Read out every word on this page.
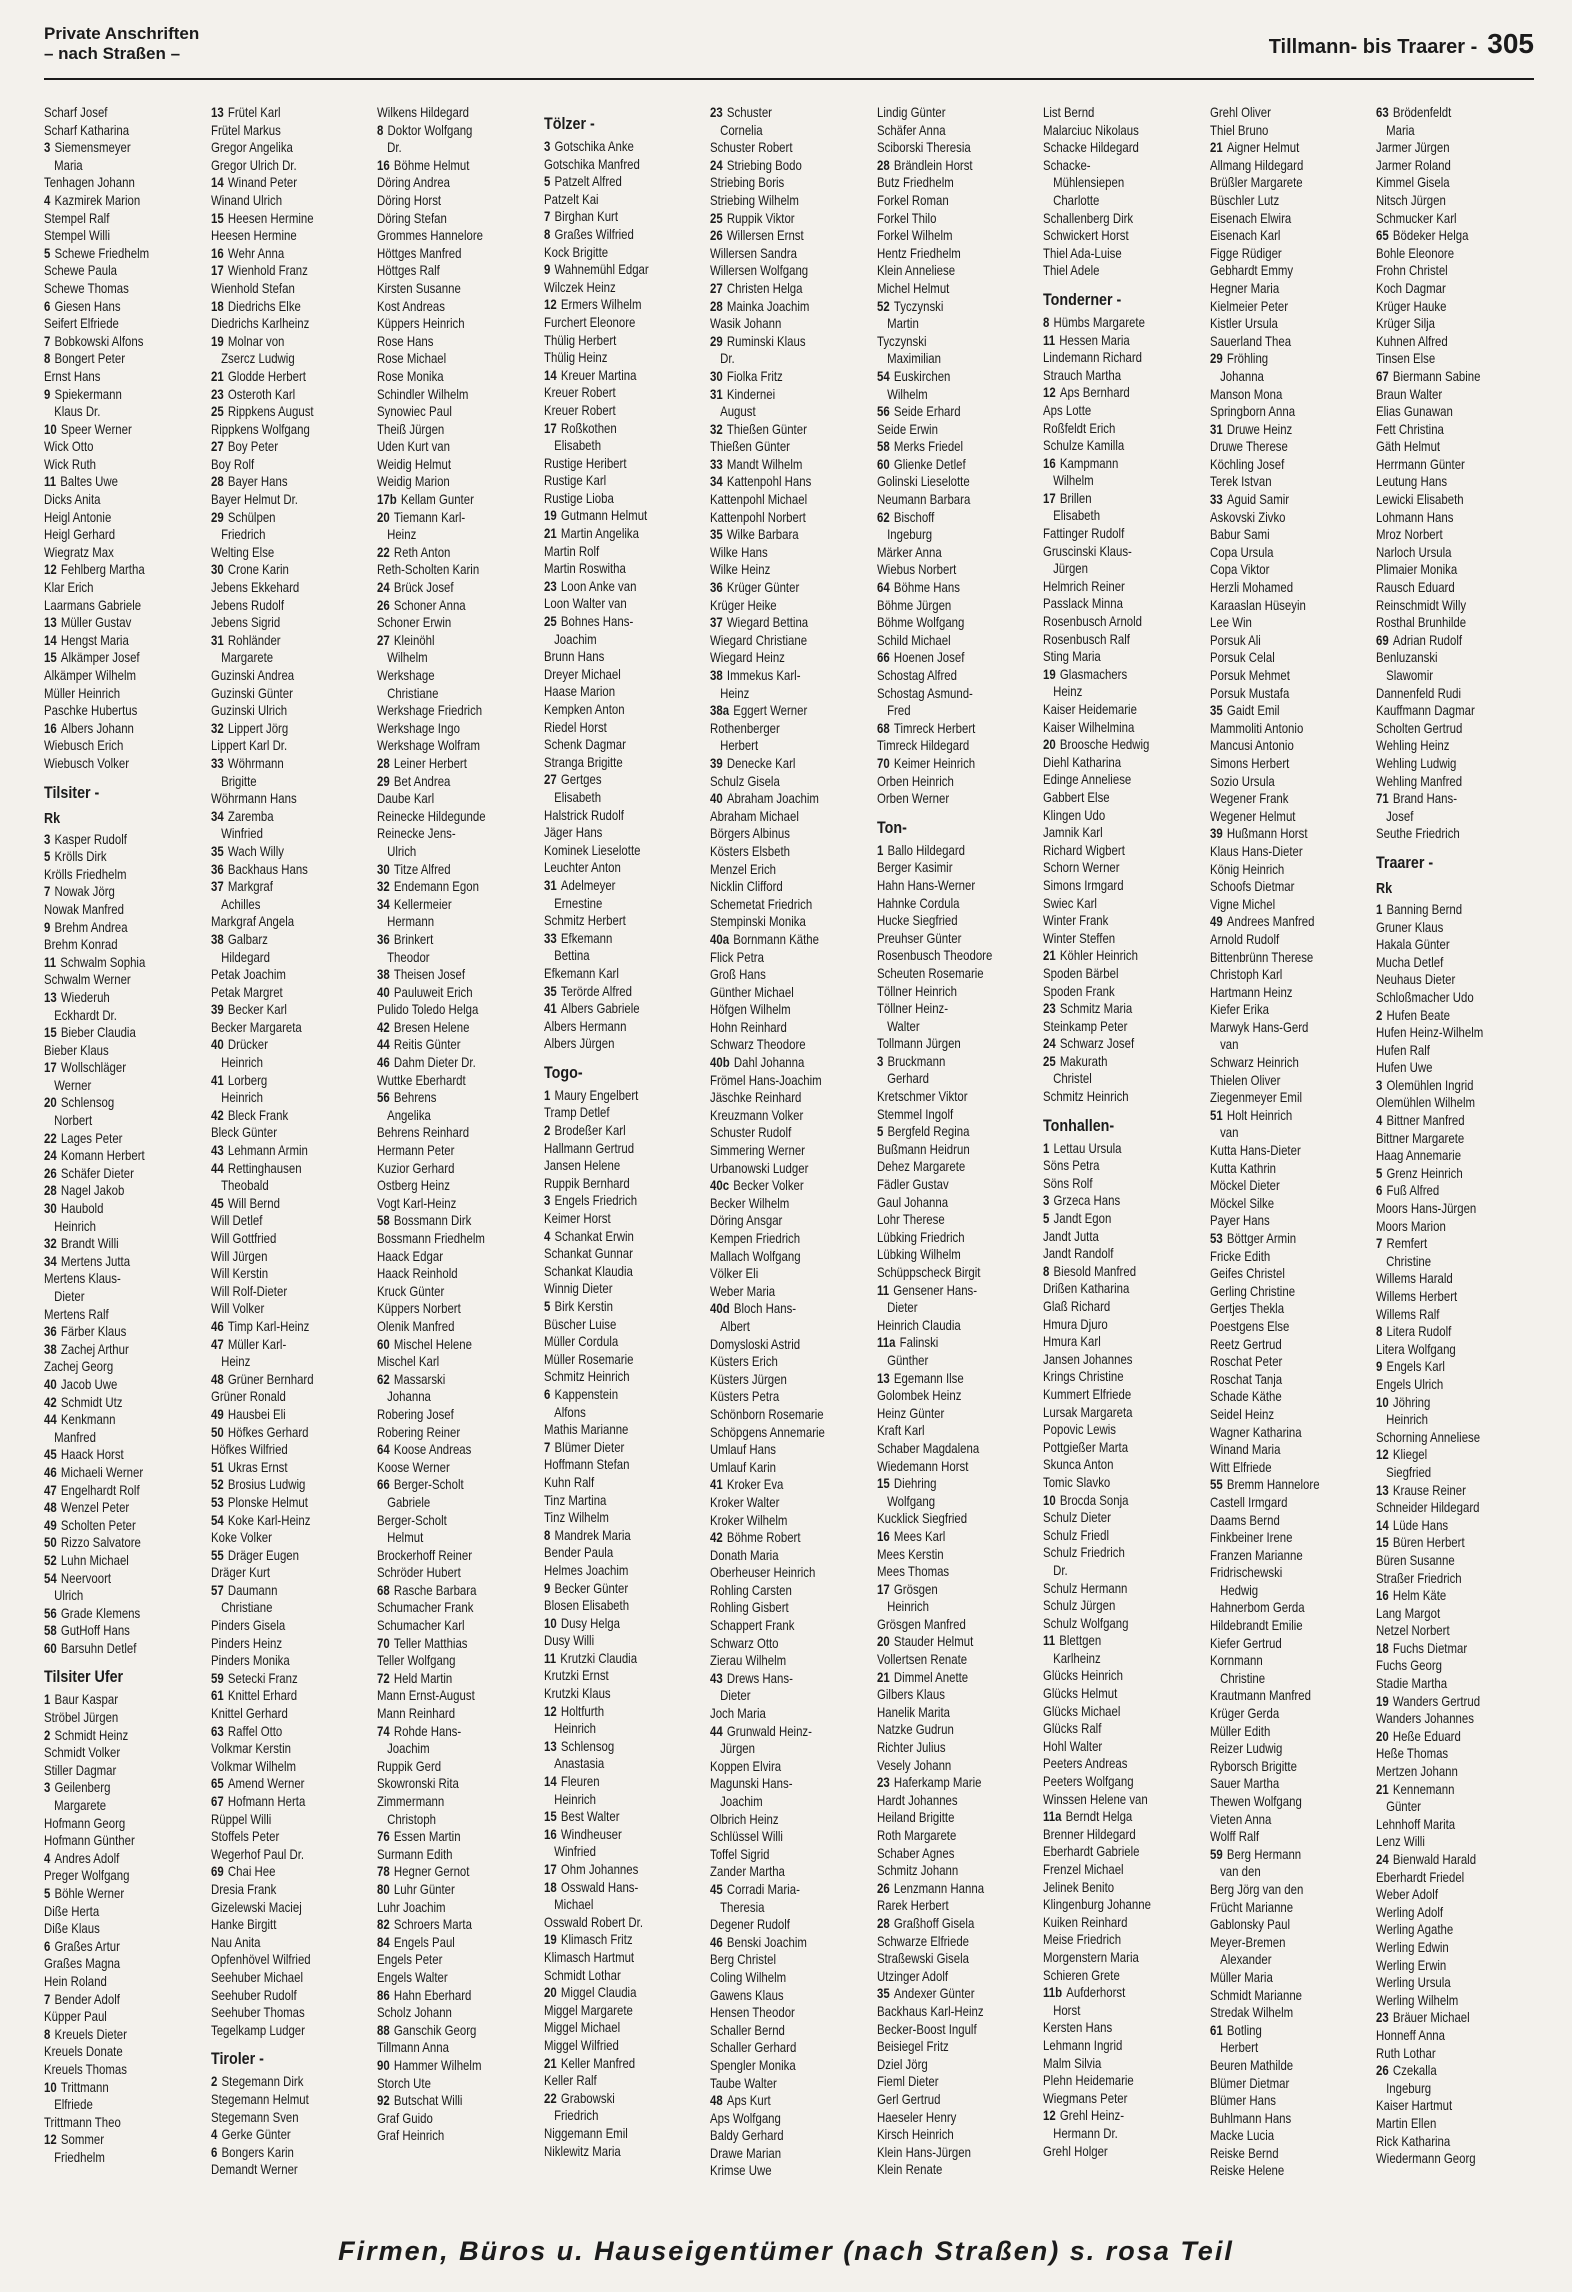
Private Anschriften
– nach Straßen –	Tillmann- bis Traarer - 305
Scharf Josef
Scharf Katharina
3 Siemensmeyer
Maria
Tenhagen Johann
4 Kazmirek Marion
Stempel Ralf
Stempel Willi
5 Schewe Friedhelm
Schewe Paula
Schewe Thomas
6 Giesen Hans
Seifert Elfriede
7 Bobkowski Alfons
8 Bongert Peter
Ernst Hans
9 Spiekermann
Klaus Dr.
10 Speer Werner
Wick Otto
Wick Ruth
11 Baltes Uwe
Dicks Anita
Heigl Antonie
Heigl Gerhard
Wiegratz Max
12 Fehlberg Martha
Klar Erich
Laarmans Gabriele
13 Müller Gustav
14 Hengst Maria
15 Alkämper Josef
Alkämper Wilhelm
Müller Heinrich
Paschke Hubertus
16 Albers Johann
Wiebusch Erich
Wiebusch Volker
Tilsiter -
Rk
3 Kasper Rudolf
5 Krölls Dirk
Krölls Friedhelm
7 Nowak Jörg
Nowak Manfred
9 Brehm Andrea
Brehm Konrad
11 Schwalm Sophia
Schwalm Werner
13 Wiederuh
Eckhardt Dr.
15 Bieber Claudia
Bieber Klaus
17 Wollschläger
Werner
20 Schlensog
Norbert
22 Lages Peter
24 Komann Herbert
26 Schäfer Dieter
28 Nagel Jakob
30 Haubold
Heinrich
32 Brandt Willi
34 Mertens Jutta
Mertens Klaus-
Dieter
Mertens Ralf
36 Färber Klaus
38 Zachej Arthur
Zachej Georg
40 Jacob Uwe
42 Schmidt Utz
44 Kenkmann
Manfred
45 Haack Horst
46 Michaeli Werner
47 Engelhardt Rolf
48 Wenzel Peter
49 Scholten Peter
50 Rizzo Salvatore
52 Luhn Michael
54 Neervoort
Ulrich
56 Grade Klemens
58 GutHoff Hans
60 Barsuhn Detlef
Tilsiter Ufer
1 Baur Kaspar
Ströbel Jürgen
2 Schmidt Heinz
Schmidt Volker
Stiller Dagmar
3 Geilenberg
Margarete
Hofmann Georg
Hofmann Günther
4 Andres Adolf
Preger Wolfgang
5 Böhle Werner
Diße Herta
Diße Klaus
6 Graßes Artur
Graßes Magna
Hein Roland
7 Bender Adolf
Küpper Paul
8 Kreuels Dieter
Kreuels Donate
Kreuels Thomas
10 Trittmann
Elfriede
Trittmann Theo
12 Sommer
Friedhelm
13 Frütel Karl
Frütel Markus
Gregor Angelika
Gregor Ulrich Dr.
14 Winand Peter
Winand Ulrich
15 Heesen Hermine
Heesen Hermine
16 Wehr Anna
17 Wienhold Franz
Wienhold Stefan
18 Diedrichs Elke
Diedrichs Karlheinz
19 Molnar von
Zsercz Ludwig
21 Glodde Herbert
23 Osteroth Karl
25 Rippkens August
Rippkens Wolfgang
27 Boy Peter
Boy Rolf
28 Bayer Hans
Bayer Helmut Dr.
29 Schülpen
Friedrich
Welting Else
30 Crone Karin
Jebens Ekkehard
Jebens Rudolf
Jebens Sigrid
31 Rohländer
Margarete
Guzinski Andrea
Guzinski Günter
Guzinski Ulrich
32 Lippert Jörg
Lippert Karl Dr.
33 Wöhrmann
Brigitte
Wöhrmann Hans
34 Zaremba
Winfried
35 Wach Willy
36 Backhaus Hans
37 Markgraf
Achilles
Markgraf Angela
38 Galbarz
Hildegard
Petak Joachim
Petak Margret
39 Becker Karl
Becker Margareta
40 Drücker
Heinrich
41 Lorberg
Heinrich
42 Bleck Frank
Bleck Günter
43 Lehmann Armin
44 Rettinghausen
Theobald
45 Will Bernd
Will Detlef
Will Gottfried
Will Jürgen
Will Kerstin
Will Rolf-Dieter
Will Volker
46 Timp Karl-Heinz
47 Müller Karl-
Heinz
48 Grüner Bernhard
Grüner Ronald
49 Hausbei Eli
50 Höfkes Gerhard
Höfkes Wilfried
51 Ukras Ernst
52 Brosius Ludwig
53 Plonske Helmut
54 Koke Karl-Heinz
Koke Volker
55 Dräger Eugen
Dräger Kurt
57 Daumann
Christiane
Pinders Gisela
Pinders Heinz
Pinders Monika
59 Setecki Franz
61 Knittel Erhard
Knittel Gerhard
63 Raffel Otto
Volkmar Kerstin
Volkmar Wilhelm
65 Amend Werner
67 Hofmann Herta
Rüppel Willi
Stoffels Peter
Wegerhof Paul Dr.
69 Chai Hee
Dresia Frank
Gizelewski Maciej
Hanke Birgitt
Nau Anita
Opfenhövel Wilfried
Seehuber Michael
Seehuber Rudolf
Seehuber Thomas
Tegelkamp Ludger
Tiroler -
2 Stegemann Dirk
Stegemann Helmut
Stegemann Sven
4 Gerke Günter
6 Bongers Karin
Demandt Werner
Wilkens Hildegard
8 Doktor Wolfgang
Dr.
16 Böhme Helmut
Döring Andrea
Döring Horst
Döring Stefan
Grommes Hannelore
Höttges Manfred
Höttges Ralf
Kirsten Susanne
Kost Andreas
Küppers Heinrich
Rose Hans
Rose Michael
Rose Monika
Schindler Wilhelm
Synowiec Paul
Theiß Jürgen
Uden Kurt van
Weidig Helmut
Weidig Marion
17b Kellam Gunter
20 Tiemann Karl-
Heinz
22 Reth Anton
Reth-Scholten Karin
24 Brück Josef
26 Schoner Anna
Schoner Erwin
27 Kleinöhl
Wilhelm
Werkshage
Christiane
Werkshage Friedrich
Werkshage Ingo
Werkshage Wolfram
28 Leiner Herbert
29 Bet Andrea
Daube Karl
Reinecke Hildegunde
Reinecke Jens-
Ulrich
30 Titze Alfred
32 Endemann Egon
34 Kellermeier
Hermann
36 Brinkert
Theodor
38 Theisen Josef
40 Pauluweit Erich
Pulido Toledo Helga
42 Bresen Helene
44 Reitis Günter
46 Dahm Dieter Dr.
Wuttke Eberhardt
56 Behrens
Angelika
Behrens Reinhard
Hermann Peter
Kuzior Gerhard
Ostberg Heinz
Vogt Karl-Heinz
58 Bossmann Dirk
Bossmann Friedhelm
Haack Edgar
Haack Reinhold
Kruck Günter
Küppers Norbert
Olenik Manfred
60 Mischel Helene
Mischel Karl
62 Massarski
Johanna
Robering Josef
Robering Reiner
64 Koose Andreas
Koose Werner
66 Berger-Scholt
Gabriele
Berger-Scholt
Helmut
Brockerhoff Reiner
Schröder Hubert
68 Rasche Barbara
Schumacher Frank
Schumacher Karl
70 Teller Matthias
Teller Wolfgang
72 Held Martin
Mann Ernst-August
Mann Reinhard
74 Rohde Hans-
Joachim
Ruppik Gerd
Skowronski Rita
Zimmermann
Christoph
76 Essen Martin
Surmann Edith
78 Hegner Gernot
80 Luhr Günter
Luhr Joachim
82 Schroers Marta
84 Engels Paul
Engels Peter
Engels Walter
86 Hahn Eberhard
Scholz Johann
88 Ganschik Georg
Tillmann Anna
90 Hammer Wilhelm
Storch Ute
92 Butschat Willi
Graf Guido
Graf Heinrich
Tölzer -
3 Gotschika Anke
Gotschika Manfred
5 Patzelt Alfred
Patzelt Kai
7 Birghan Kurt
8 Graßes Wilfried
Kock Brigitte
9 Wahnemühl Edgar
Wilczek Heinz
12 Ermers Wilhelm
Furchert Eleonore
Thülig Herbert
Thülig Heinz
14 Kreuer Martina
Kreuer Robert
Kreuer Robert
17 Roßkothen
Elisabeth
Rustige Heribert
Rustige Karl
Rustige Lioba
19 Gutmann Helmut
21 Martin Angelika
Martin Rolf
Martin Roswitha
23 Loon Anke van
Loon Walter van
25 Bohnes Hans-
Joachim
Brunn Hans
Dreyer Michael
Haase Marion
Kempken Anton
Riedel Horst
Schenk Dagmar
Stranga Brigitte
27 Gertges
Elisabeth
Halstrick Rudolf
Jäger Hans
Kominek Lieselotte
Leuchter Anton
31 Adelmeyer
Ernestine
Schmitz Herbert
33 Efkemann
Bettina
Efkemann Karl
35 Terörde Alfred
41 Albers Gabriele
Albers Hermann
Albers Jürgen
Togo-
1 Maury Engelbert
Tramp Detlef
2 Brodeßer Karl
Hallmann Gertrud
Jansen Helene
Ruppik Bernhard
3 Engels Friedrich
Keimer Horst
4 Schankat Erwin
Schankat Gunnar
Schankat Klaudia
Winnig Dieter
5 Birk Kerstin
Büscher Luise
Müller Cordula
Müller Rosemarie
Schmitz Heinrich
6 Kappenstein
Alfons
Mathis Marianne
7 Blümer Dieter
Hoffmann Stefan
Kuhn Ralf
Tinz Martina
Tinz Wilhelm
8 Mandrek Maria
Bender Paula
Helmes Joachim
9 Becker Günter
Blosen Elisabeth
10 Dusy Helga
Dusy Willi
11 Krutzki Claudia
Krutzki Ernst
Krutzki Klaus
12 Holtfurth
Heinrich
13 Schlensog
Anastasia
14 Fleuren
Heinrich
15 Best Walter
16 Windheuser
Winfried
17 Ohm Johannes
18 Osswald Hans-
Michael
Osswald Robert Dr.
19 Klimasch Fritz
Klimasch Hartmut
Schmidt Lothar
20 Miggel Claudia
Miggel Margarete
Miggel Michael
Miggel Wilfried
21 Keller Manfred
Keller Ralf
22 Grabowski
Friedrich
Niggemann Emil
Niklewitz Maria
23 Schuster
Cornelia
Schuster Robert
24 Striebing Bodo
Striebing Boris
Striebing Wilhelm
25 Ruppik Viktor
26 Willersen Ernst
Willersen Sandra
Willersen Wolfgang
27 Christen Helga
28 Mainka Joachim
Wasik Johann
29 Ruminski Klaus
Dr.
30 Fiolka Fritz
31 Kindernei
August
32 Thießen Günter
Thießen Günter
33 Mandt Wilhelm
34 Kattenpohl Hans
Kattenpohl Michael
Kattenpohl Norbert
35 Wilke Barbara
Wilke Hans
Wilke Heinz
36 Krüger Günter
Krüger Heike
37 Wiegard Bettina
Wiegard Christiane
Wiegard Heinz
38 Immekus Karl-
Heinz
38a Eggert Werner
Rothenberger
Herbert
39 Denecke Karl
Schulz Gisela
40 Abraham Joachim
Abraham Michael
Börgers Albinus
Kösters Elsbeth
Menzel Erich
Nicklin Clifford
Schemetat Friedrich
Stempinski Monika
40a Bornmann Käthe
Flick Petra
Groß Hans
Günther Michael
Höfgen Wilhelm
Hohn Reinhard
Schwarz Theodore
40b Dahl Johanna
Frömel Hans-Joachim
Jäschke Reinhard
Kreuzmann Volker
Schuster Rudolf
Simmering Werner
Urbanowski Ludger
40c Becker Volker
Becker Wilhelm
Döring Ansgar
Kempen Friedrich
Mallach Wolfgang
Völker Eli
Weber Maria
40d Bloch Hans-
Albert
Domysloski Astrid
Küsters Erich
Küsters Jürgen
Küsters Petra
Schönborn Rosemarie
Schöpgens Annemarie
Umlauf Hans
Umlauf Karin
41 Kroker Eva
Kroker Walter
Kroker Wilhelm
42 Böhme Robert
Donath Maria
Oberheuser Heinrich
Rohling Carsten
Rohling Gisbert
Schappert Frank
Schwarz Otto
Zierau Wilhelm
43 Drews Hans-
Dieter
Joch Maria
44 Grunwald Heinz-
Jürgen
Koppen Elvira
Magunski Hans-
Joachim
Olbrich Heinz
Schlüssel Willi
Toffel Sigrid
Zander Martha
45 Corradi Maria-
Theresia
Degener Rudolf
46 Benski Joachim
Berg Christel
Coling Wilhelm
Gawens Klaus
Hensen Theodor
Schaller Bernd
Schaller Gerhard
Spengler Monika
Taube Walter
48 Aps Kurt
Aps Wolfgang
Baldy Gerhard
Drawe Marian
Krimse Uwe
Lindig Günter
Schäfer Anna
Sciborski Theresia
28 Brändlein Horst
Butz Friedhelm
Forkel Roman
Forkel Thilo
Forkel Wilhelm
Hentz Friedhelm
Klein Anneliese
Michel Helmut
52 Tyczynski
Martin
Tyczynski
Maximilian
54 Euskirchen
Wilhelm
56 Seide Erhard
Seide Erwin
58 Merks Friedel
60 Glienke Detlef
Golinski Lieselotte
Neumann Barbara
62 Bischoff
Ingeburg
Märker Anna
Wiebus Norbert
64 Böhme Hans
Böhme Jürgen
Böhme Wolfgang
Schild Michael
66 Hoenen Josef
Schostag Alfred
Schostag Asmund-
Fred
68 Timreck Herbert
Timreck Hildegard
70 Keimer Heinrich
Orben Heinrich
Orben Werner
Ton-
1 Ballo Hildegard
Berger Kasimir
Hahn Hans-Werner
Hahnke Cordula
Hucke Siegfried
Preuhser Günter
Rosenbusch Theodore
Scheuten Rosemarie
Töllner Heinrich
Töllner Heinz-
Walter
Tollmann Jürgen
3 Bruckmann
Gerhard
Kretschmer Viktor
Stemmel Ingolf
5 Bergfeld Regina
Bußmann Heidrun
Dehez Margarete
Fädler Gustav
Gaul Johanna
Lohr Therese
Lübking Friedrich
Lübking Wilhelm
Schüppscheck Birgit
11 Gensener Hans-
Dieter
Heinrich Claudia
11a Falinski
Günther
13 Egemann Ilse
Golombek Heinz
Heinz Günter
Kraft Karl
Schaber Magdalena
Wiedemann Horst
15 Diehring
Wolfgang
Kucklick Siegfried
16 Mees Karl
Mees Kerstin
Mees Thomas
17 Grösgen
Heinrich
Grösgen Manfred
20 Stauder Helmut
Vollertsen Renate
21 Dimmel Anette
Gilbers Klaus
Hanelik Marita
Natzke Gudrun
Richter Julius
Vesely Johann
23 Haferkamp Marie
Hardt Johannes
Heiland Brigitte
Roth Margarete
Schaber Agnes
Schmitz Johann
26 Lenzmann Hanna
Rarek Herbert
28 Graßhoff Gisela
Schwarze Elfriede
Straßewski Gisela
Utzinger Adolf
35 Andexer Günter
Backhaus Karl-Heinz
Becker-Boost Ingulf
Beisiegel Fritz
Dziel Jörg
Fieml Dieter
Gerl Gertrud
Haeseler Henry
Kirsch Heinrich
Klein Hans-Jürgen
Klein Renate
List Bernd
Malarciuc Nikolaus
Schacke Hildegard
Schacke-
Mühlensiepen
Charlotte
Schallenberg Dirk
Schwickert Horst
Thiel Ada-Luise
Thiel Adele
Tonderner -
8 Hümbs Margarete
11 Hessen Maria
Lindemann Richard
Strauch Martha
12 Aps Bernhard
Aps Lotte
Roßfeldt Erich
Schulze Kamilla
16 Kampmann
Wilhelm
17 Brillen
Elisabeth
Fattinger Rudolf
Gruscinski Klaus-
Jürgen
Helmrich Reiner
Passlack Minna
Rosenbusch Arnold
Rosenbusch Ralf
Sting Maria
19 Glasmachers
Heinz
Kaiser Heidemarie
Kaiser Wilhelmina
20 Broosche Hedwig
Diehl Katharina
Edinge Anneliese
Gabbert Else
Klingen Udo
Jamnik Karl
Richard Wigbert
Schorn Werner
Simons Irmgard
Swiec Karl
Winter Frank
Winter Steffen
21 Köhler Heinrich
Spoden Bärbel
Spoden Frank
23 Schmitz Maria
Steinkamp Peter
24 Schwarz Josef
25 Makurath
Christel
Schmitz Heinrich
Tonhallen-
1 Lettau Ursula
Söns Petra
Söns Rolf
3 Grzeca Hans
5 Jandt Egon
Jandt Jutta
Jandt Randolf
8 Biesold Manfred
Drißen Katharina
Glaß Richard
Hmura Djuro
Hmura Karl
Jansen Johannes
Krings Christine
Kummert Elfriede
Lursak Margareta
Popovic Lewis
Pottgießer Marta
Skunca Anton
Tomic Slavko
10 Brocda Sonja
Schulz Dieter
Schulz Friedl
Schulz Friedrich
Dr.
Schulz Hermann
Schulz Jürgen
Schulz Wolfgang
11 Blettgen
Karlheinz
Glücks Heinrich
Glücks Helmut
Glücks Michael
Glücks Ralf
Hohl Walter
Peeters Andreas
Peeters Wolfgang
Winssen Helene van
11a Berndt Helga
Brenner Hildegard
Eberhardt Gabriele
Frenzel Michael
Jelinek Benito
Klingenburg Johanne
Kuiken Reinhard
Meise Friedrich
Morgenstern Maria
Schieren Grete
11b Aufderhorst
Horst
Kersten Hans
Lehmann Ingrid
Malm Silvia
Plehn Heidemarie
Wiegmans Peter
12 Grehl Heinz-
Hermann Dr.
Grehl Holger
Grehl Oliver
Thiel Bruno
21 Aigner Helmut
Allmang Hildegard
Brüßler Margarete
Büschler Lutz
Eisenach Elwira
Eisenach Karl
Figge Rüdiger
Gebhardt Emmy
Hegner Maria
Kielmeier Peter
Kistler Ursula
Sauerland Thea
29 Fröhling
Johanna
Manson Mona
Springborn Anna
31 Druwe Heinz
Druwe Therese
Köchling Josef
Terek Istvan
33 Aguid Samir
Askovski Zivko
Babur Sami
Copa Ursula
Copa Viktor
Herzli Mohamed
Karaaslan Hüseyin
Lee Win
Porsuk Ali
Porsuk Celal
Porsuk Mehmet
Porsuk Mustafa
35 Gaidt Emil
Mammoliti Antonio
Mancusi Antonio
Simons Herbert
Sozio Ursula
Wegener Frank
Wegener Helmut
39 Hußmann Horst
Klaus Hans-Dieter
König Heinrich
Schoofs Dietmar
Vigne Michel
49 Andrees Manfred
Arnold Rudolf
Bittenbrünn Therese
Christoph Karl
Hartmann Heinz
Kiefer Erika
Marwyk Hans-Gerd
van
Schwarz Heinrich
Thielen Oliver
Ziegenmeyer Emil
51 Holt Heinrich
van
Kutta Hans-Dieter
Kutta Kathrin
Möckel Dieter
Möckel Silke
Payer Hans
53 Böttger Armin
Fricke Edith
Geifes Christel
Gerling Christine
Gertjes Thekla
Poestgens Else
Reetz Gertrud
Roschat Peter
Roschat Tanja
Schade Käthe
Seidel Heinz
Wagner Katharina
Winand Maria
Witt Elfriede
55 Bremm Hannelore
Castell Irmgard
Daams Bernd
Finkbeiner Irene
Franzen Marianne
Fridrischewski
Hedwig
Hahnerbom Gerda
Hildebrandt Emilie
Kiefer Gertrud
Kornmann
Christine
Krautmann Manfred
Krüger Gerda
Müller Edith
Reizer Ludwig
Ryborsch Brigitte
Sauer Martha
Thewen Wolfgang
Vieten Anna
Wolff Ralf
59 Berg Hermann
van den
Berg Jörg van den
Frücht Marianne
Gablonsky Paul
Meyer-Bremen
Alexander
Müller Maria
Schmidt Marianne
Stredak Wilhelm
61 Botling
Herbert
Beuren Mathilde
Blümer Dietmar
Blümer Hans
Buhlmann Hans
Macke Lucia
Reiske Bernd
Reiske Helene
63 Brödenfeldt
Maria
Jarmer Jürgen
Jarmer Roland
Kimmel Gisela
Nitsch Jürgen
Schmucker Karl
65 Bödeker Helga
Bohle Eleonore
Frohn Christel
Koch Dagmar
Krüger Hauke
Krüger Silja
Kuhnen Alfred
Tinsen Else
67 Biermann Sabine
Braun Walter
Elias Gunawan
Fett Christina
Gäth Helmut
Herrmann Günter
Leutung Hans
Lewicki Elisabeth
Lohmann Hans
Mroz Norbert
Narloch Ursula
Plimaier Monika
Rausch Eduard
Reinschmidt Willy
Rosthal Brunhilde
69 Adrian Rudolf
Benluzanski
Slawomir
Dannenfeld Rudi
Kauffmann Dagmar
Scholten Gertrud
Wehling Heinz
Wehling Ludwig
Wehling Manfred
71 Brand Hans-
Josef
Seuthe Friedrich
Traarer -
Rk
1 Banning Bernd
Gruner Klaus
Hakala Günter
Mucha Detlef
Neuhaus Dieter
Schloßmacher Udo
2 Hufen Beate
Hufen Heinz-Wilhelm
Hufen Ralf
Hufen Uwe
3 Olemühlen Ingrid
Olemühlen Wilhelm
4 Bittner Manfred
Bittner Margarete
Haag Annemarie
5 Grenz Heinrich
6 Fuß Alfred
Moors Hans-Jürgen
Moors Marion
7 Remfert
Christine
Willems Harald
Willems Herbert
Willems Ralf
8 Litera Rudolf
Litera Wolfgang
9 Engels Karl
Engels Ulrich
10 Jöhring
Heinrich
Schorning Anneliese
12 Kliegel
Siegfried
13 Krause Reiner
Schneider Hildegard
14 Lüde Hans
15 Büren Herbert
Büren Susanne
Straßer Friedrich
16 Helm Käte
Lang Margot
Netzel Norbert
18 Fuchs Dietmar
Fuchs Georg
Stadie Martha
19 Wanders Gertrud
Wanders Johannes
20 Heße Eduard
Heße Thomas
Mertzen Johann
21 Kennemann
Günter
Lehnhoff Marita
Lenz Willi
24 Bienwald Harald
Eberhardt Friedel
Weber Adolf
Werling Adolf
Werling Agathe
Werling Edwin
Werling Erwin
Werling Ursula
Werling Wilhelm
23 Bräuer Michael
Honneff Anna
Ruth Lothar
26 Czekalla
Ingeburg
Kaiser Hartmut
Martin Ellen
Rick Katharina
Wiedermann Georg
Firmen, Büros u. Hauseigentümer (nach Straßen) s. rosa Teil
